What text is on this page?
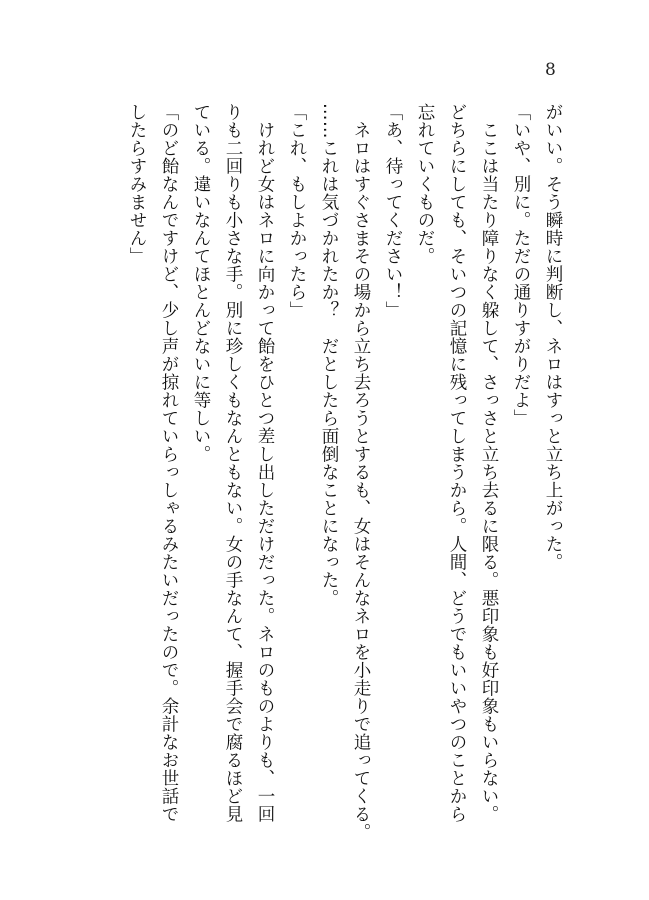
8
がいい。そう瞬時に判断し、ネロはすっと立ち上がった。
「いや、別に。ただの通りすがりだよ」
　ここは当たり障りなく躱して、さっさと立ち去るに限る。悪印象も好印象もいらない。
どちらにしても、そいつの記憶に残ってしまうから。人間、どうでもいいやつのことから
忘れていくものだ。
「あ、待ってください！」
　ネロはすぐさまその場から立ち去ろうとするも、女はそんなネロを小走りで追ってくる。
……これは気づかれたか？　だとしたら面倒なことになった。
「これ、もしよかったら」
　けれど女はネロに向かって飴をひとつ差し出しただけだった。ネロのものよりも、一回
りも二回りも小さな手。別に珍しくもなんともない。女の手なんて、握手会で腐るほど見
ている。違いなんてほとんどないに等しい。
「のど飴なんですけど、少し声が掠れていらっしゃるみたいだったので。余計なお世話で
したらすみません」
